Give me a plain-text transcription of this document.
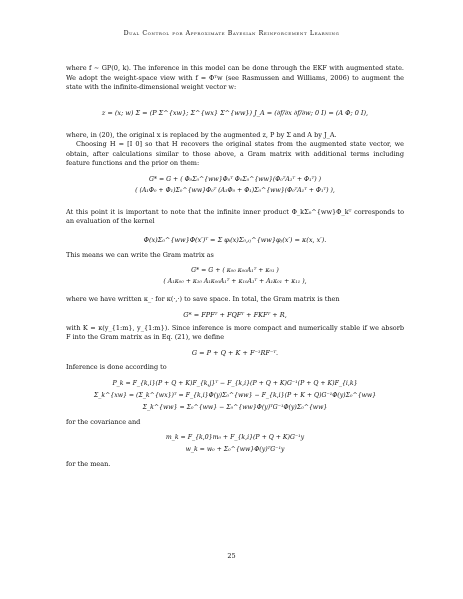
Dual Control for Approximate Bayesian Reinforcement Learning

where f ∼ GP(0, k). The inference in this model can be done through the EKF with augmented state. We adopt the weight-space view with f = Φᵀw (see Rasmussen and Williams, 2006) to augment the state with the infinite-dimensional weight vector w:

z = (x; w) Σ = (P Σ^{xw}; Σ^{wx} Σ^{ww}) J_A = (∂f/∂x ∂f/∂w; 0 I) = (A Φ; 0 I),

where, in (20), the original x is replaced by the augmented z, P by Σ and A by J_A.

Choosing H = [I 0] so that H recovers the original states from the augmented state vector, we obtain, after calculations similar to those above, a Gram matrix with additional terms including feature functions and the prior on them:

G* = G + ( Φ₀Σ₀^{ww}Φ₀ᵀ Φ₀Σ₀^{ww}(Φ₀ᵀA₁ᵀ + Φ₁ᵀ) )
( (A₁Φ₀ + Φ₁)Σ₀^{ww}Φ₀ᵀ (A₁Φ₀ + Φ₁)Σ₀^{ww}(Φ₀ᵀA₁ᵀ + Φ₁ᵀ) ),

At this point it is important to note that the infinite inner product Φ_kΣ₀^{ww}Φ_kᵀ corresponds to an evaluation of the kernel

Φ(x)Σ₀^{ww}Φ(x′)ᵀ = Σ φᵢ(x)Σ₀,ᵢⱼ^{ww}φⱼ(x′) = κ(x, x′).

This means we can write the Gram matrix as

G* = G + ( κ₀₀ κ₀₀A₁ᵀ + κ₀₁ )
( A₁κ₀₀ + κ₁₀ A₁κ₀₀A₁ᵀ + κ₁₀A₁ᵀ + A₁κ₀₁ + κ₁₁ ),

where we have written κ_· for κ(·,·) to save space. In total, the Gram matrix is then

G* = FPFᵀ + FQFᵀ + FKFᵀ + R,

with K = κ(y_{1:m}, y_{1:m}). Since inference is more compact and numerically stable if we absorb F into the Gram matrix as in Eq. (21), we define

G = P + Q + K + F⁻¹RF⁻ᵀ.

Inference is done according to

P_k = F_{k,i}(P + Q + K)F_{k,j}ᵀ − F_{k,i}(P + Q + K)G⁻¹(P + Q + K)F_{i,k}
Σ_k^{xw} = (Σ_k^{wx})ᵀ = F_{k,i}Φ(y)Σ₀^{ww} − F_{k,i}(P + K + Q)G⁻¹Φ(y)Σ₀^{ww}
Σ_k^{ww} = Σ₀^{ww} − Σ₀^{ww}Φ(y)ᵀG⁻¹Φ(y)Σ₀^{ww}

for the covariance and

m_k = F_{k,0}m₀ + F_{k,i}(P + Q + K)G⁻¹y
w_k = w₀ + Σ₀^{ww}Φ(y)ᵀG⁻¹y

for the mean.

25
